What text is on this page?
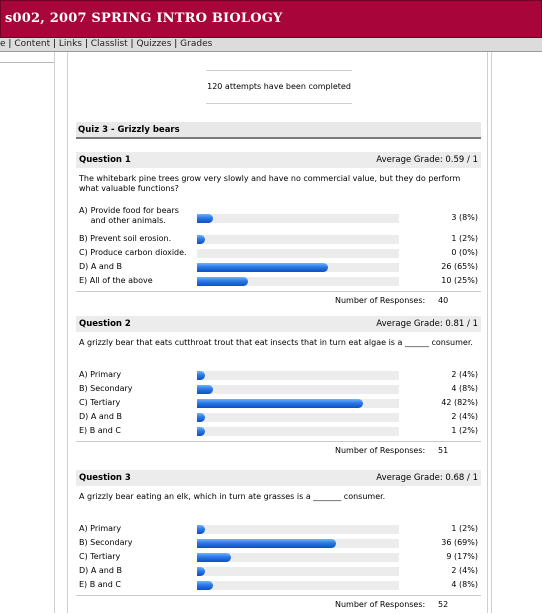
s002, 2007 SPRING INTRO BIOLOGY
e | Content | Links | Classlist | Quizzes | Grades
120 attempts have been completed
Quiz 3 - Grizzly bears
Question 1	Average Grade: 0.59 / 1
The whitebark pine trees grow very slowly and have no commercial value, but they do perform what valuable functions?
A) Provide food for bears and other animals.	3 (8%)
B) Prevent soil erosion.	1 (2%)
C) Produce carbon dioxide.	0 (0%)
D) A and B	26 (65%)
E) All of the above	10 (25%)
Number of Responses: 40
Question 2	Average Grade: 0.81 / 1
A grizzly bear that eats cutthroat trout that eat insects that in turn eat algae is a ______ consumer.
A) Primary	2 (4%)
B) Secondary	4 (8%)
C) Tertiary	42 (82%)
D) A and B	2 (4%)
E) B and C	1 (2%)
Number of Responses: 51
Question 3	Average Grade: 0.68 / 1
A grizzly bear eating an elk, which in turn ate grasses is a _______ consumer.
A) Primary	1 (2%)
B) Secondary	36 (69%)
C) Tertiary	9 (17%)
D) A and B	2 (4%)
E) B and C	4 (8%)
Number of Responses: 52
